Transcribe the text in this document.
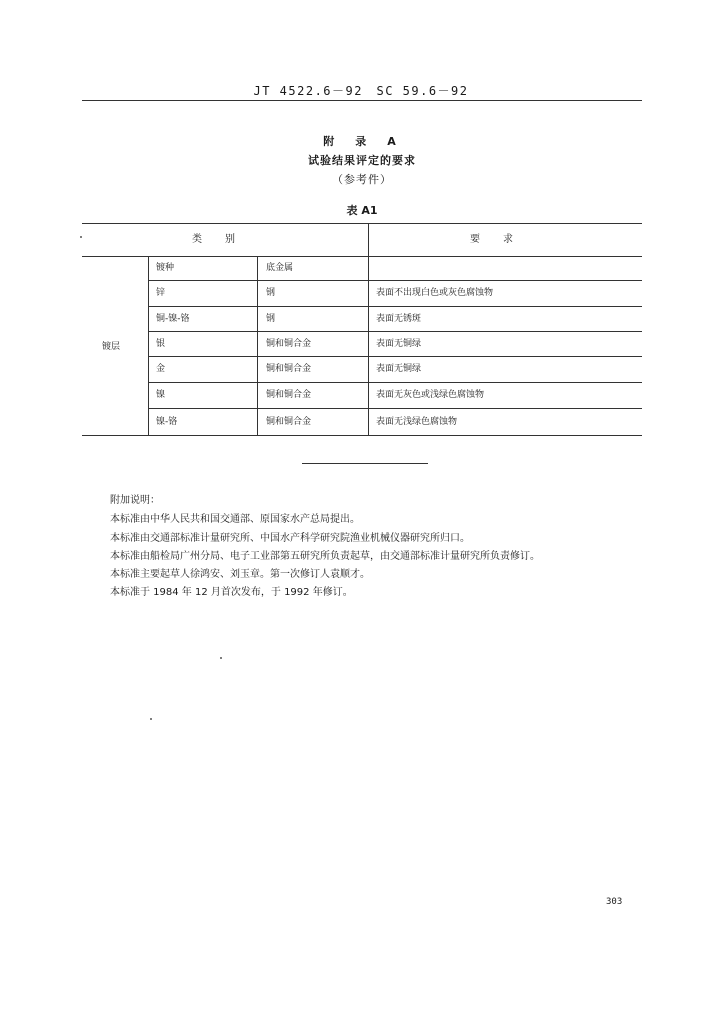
JT 4522.6－92　SC 59.6－92
附　录　A
试验结果评定的要求
（参考件）
表 A1
类　　别	要　　求
镀层
镀种	底金属
锌	钢	表面不出现白色或灰色腐蚀物
铜-镍-铬	钢	表面无锈斑
银	铜和铜合金	表面无铜绿
金	铜和铜合金	表面无铜绿
镍	铜和铜合金	表面无灰色或浅绿色腐蚀物
镍-铬	铜和铜合金	表面无浅绿色腐蚀物
附加说明：
本标准由中华人民共和国交通部、原国家水产总局提出。
本标准由交通部标准计量研究所、中国水产科学研究院渔业机械仪器研究所归口。
本标准由船检局广州分局、电子工业部第五研究所负责起草，由交通部标准计量研究所负责修订。
本标准主要起草人徐鸿安、刘玉章。第一次修订人袁顺才。
本标准于 1984 年 12 月首次发布，于 1992 年修订。
303
